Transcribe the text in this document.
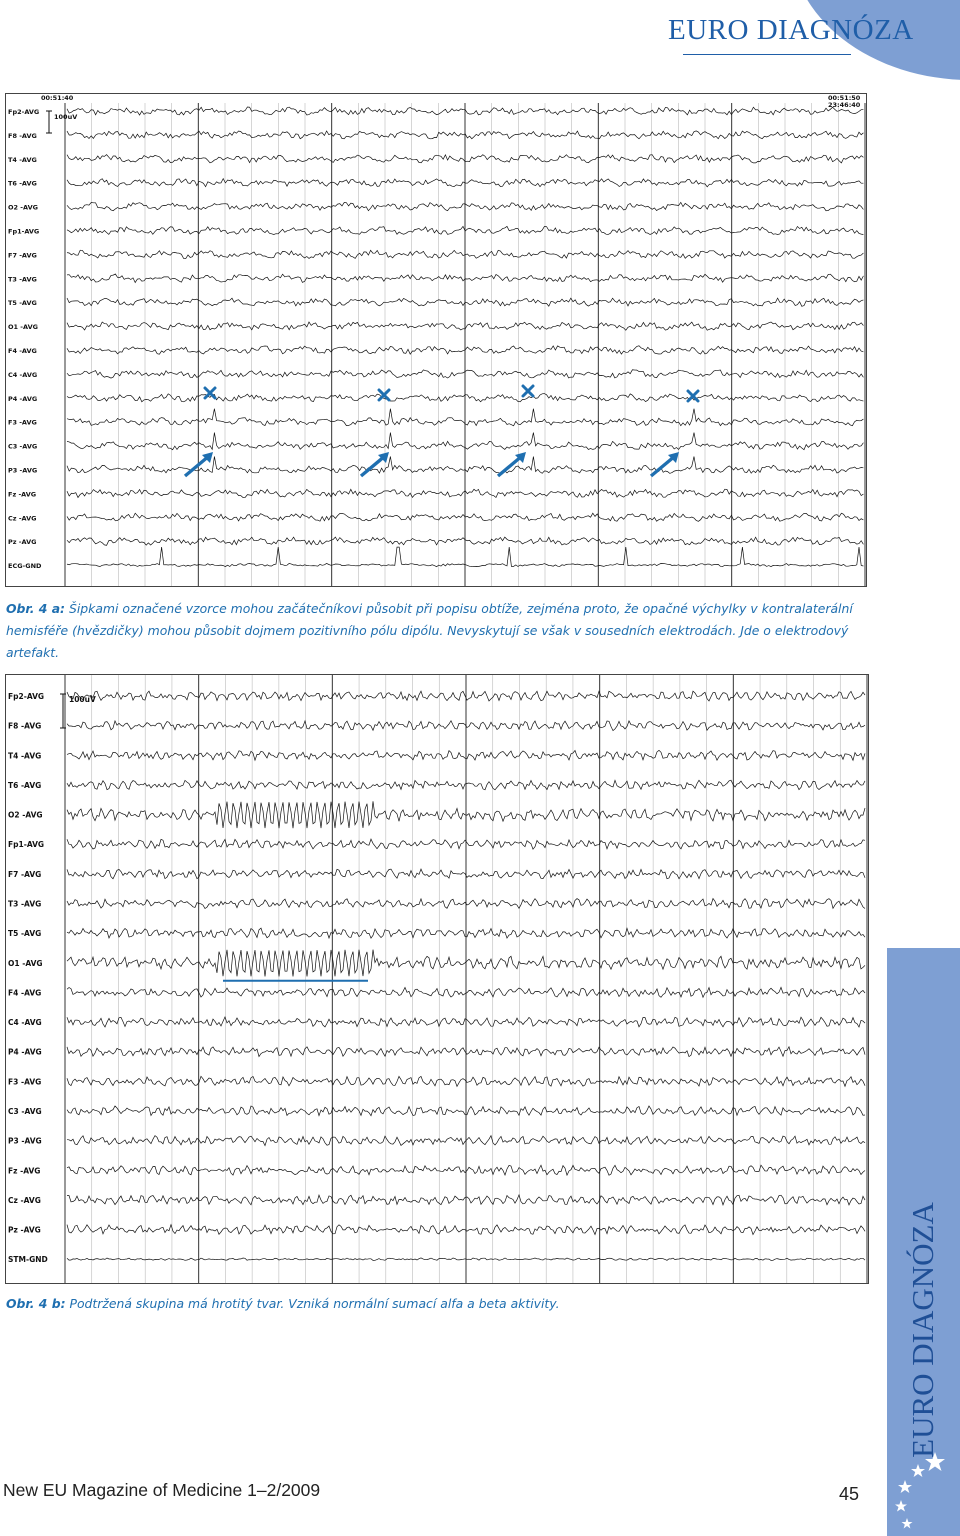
EURO DIAGNÓZA
Fp2-AVG
F8 -AVG
T4 -AVG
T6 -AVG
O2 -AVG
Fp1-AVG
F7 -AVG
T3 -AVG
T5 -AVG
O1 -AVG
F4 -AVG
C4 -AVG
P4 -AVG
F3 -AVG
C3 -AVG
P3 -AVG
Fz -AVG
Cz -AVG
Pz -AVG
ECG-GND
00:51:40	00:51:50
23:46:40
100uV

Obr. 4 a: Šipkami označené vzorce mohou začátečníkovi působit při popisu obtíže, zejména proto, že opačné výchylky v kontralaterální hemisféře (hvězdičky) mohou působit dojmem pozitivního pólu dipólu. Nevyskytují se však v sousedních elektrodách. Jde o elektrodový artefakt.

Fp2-AVG
F8 -AVG
T4 -AVG
T6 -AVG
O2 -AVG
Fp1-AVG
F7 -AVG
T3 -AVG
T5 -AVG
O1 -AVG
F4 -AVG
C4 -AVG
P4 -AVG
F3 -AVG
C3 -AVG
P3 -AVG
Fz -AVG
Cz -AVG
Pz -AVG
STM-GND
100uV

Obr. 4 b: Podtržená skupina má hrotitý tvar. Vzniká normální sumací alfa a beta aktivity.	EURO DIAGNÓZA
New EU Magazine of Medicine 1–2/2009	45
